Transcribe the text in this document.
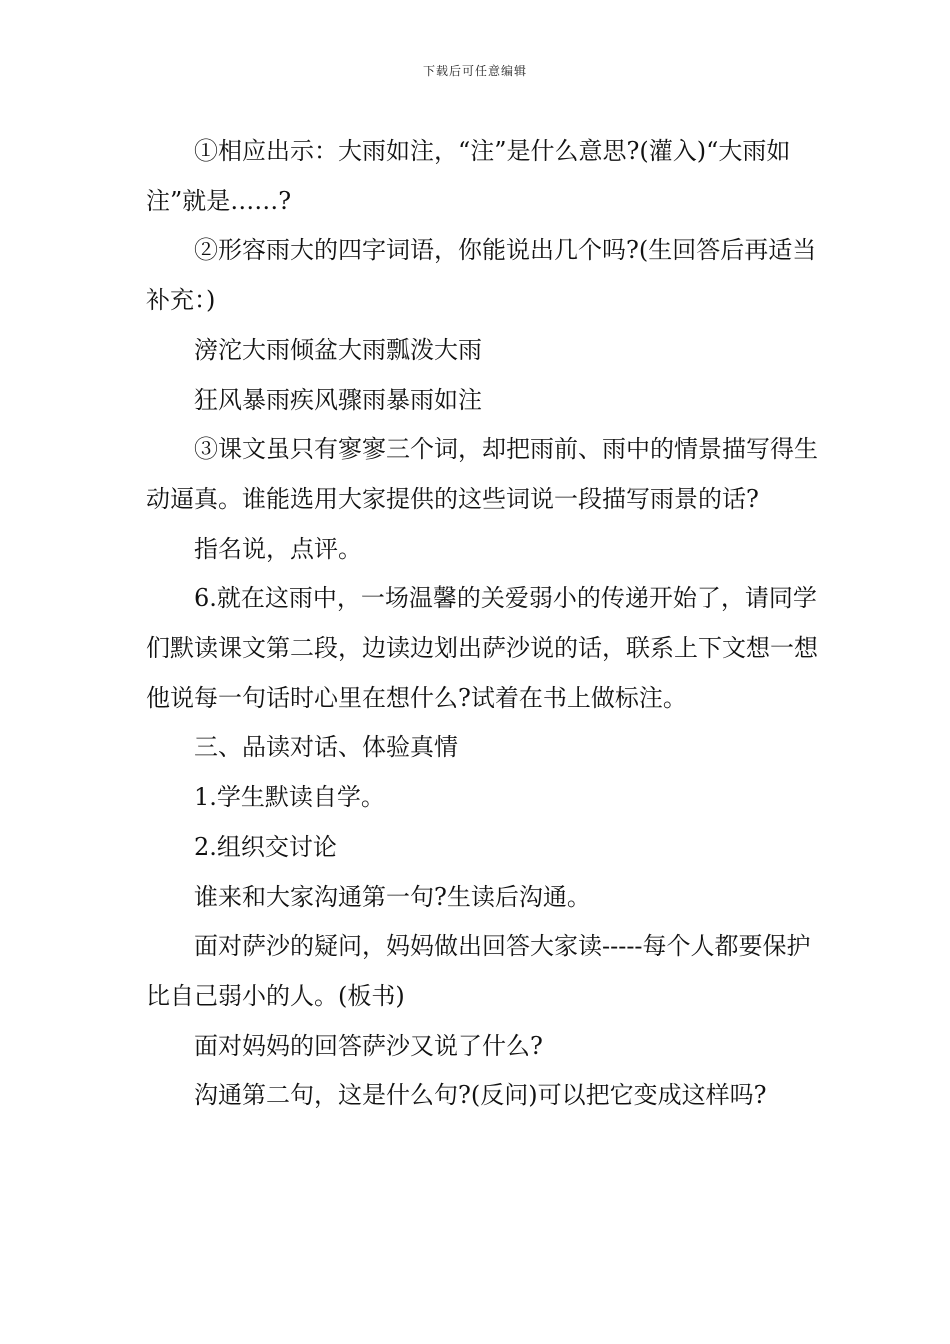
下载后可任意编辑

①相应出示：大雨如注，“注”是什么意思?(灌入)“大雨如注”就是……?

②形容雨大的四字词语，你能说出几个吗?(生回答后再适当补充：)

滂沱大雨倾盆大雨瓢泼大雨

狂风暴雨疾风骤雨暴雨如注

③课文虽只有寥寥三个词，却把雨前、雨中的情景描写得生动逼真。谁能选用大家提供的这些词说一段描写雨景的话?

指名说，点评。

6.就在这雨中，一场温馨的关爱弱小的传递开始了，请同学们默读课文第二段，边读边划出萨沙说的话，联系上下文想一想他说每一句话时心里在想什么?试着在书上做标注。

三、品读对话、体验真情

1.学生默读自学。

2.组织交讨论

谁来和大家沟通第一句?生读后沟通。

面对萨沙的疑问，妈妈做出回答大家读-----每个人都要保护比自己弱小的人。(板书)

面对妈妈的回答萨沙又说了什么?

沟通第二句，这是什么句?(反问)可以把它变成这样吗?
